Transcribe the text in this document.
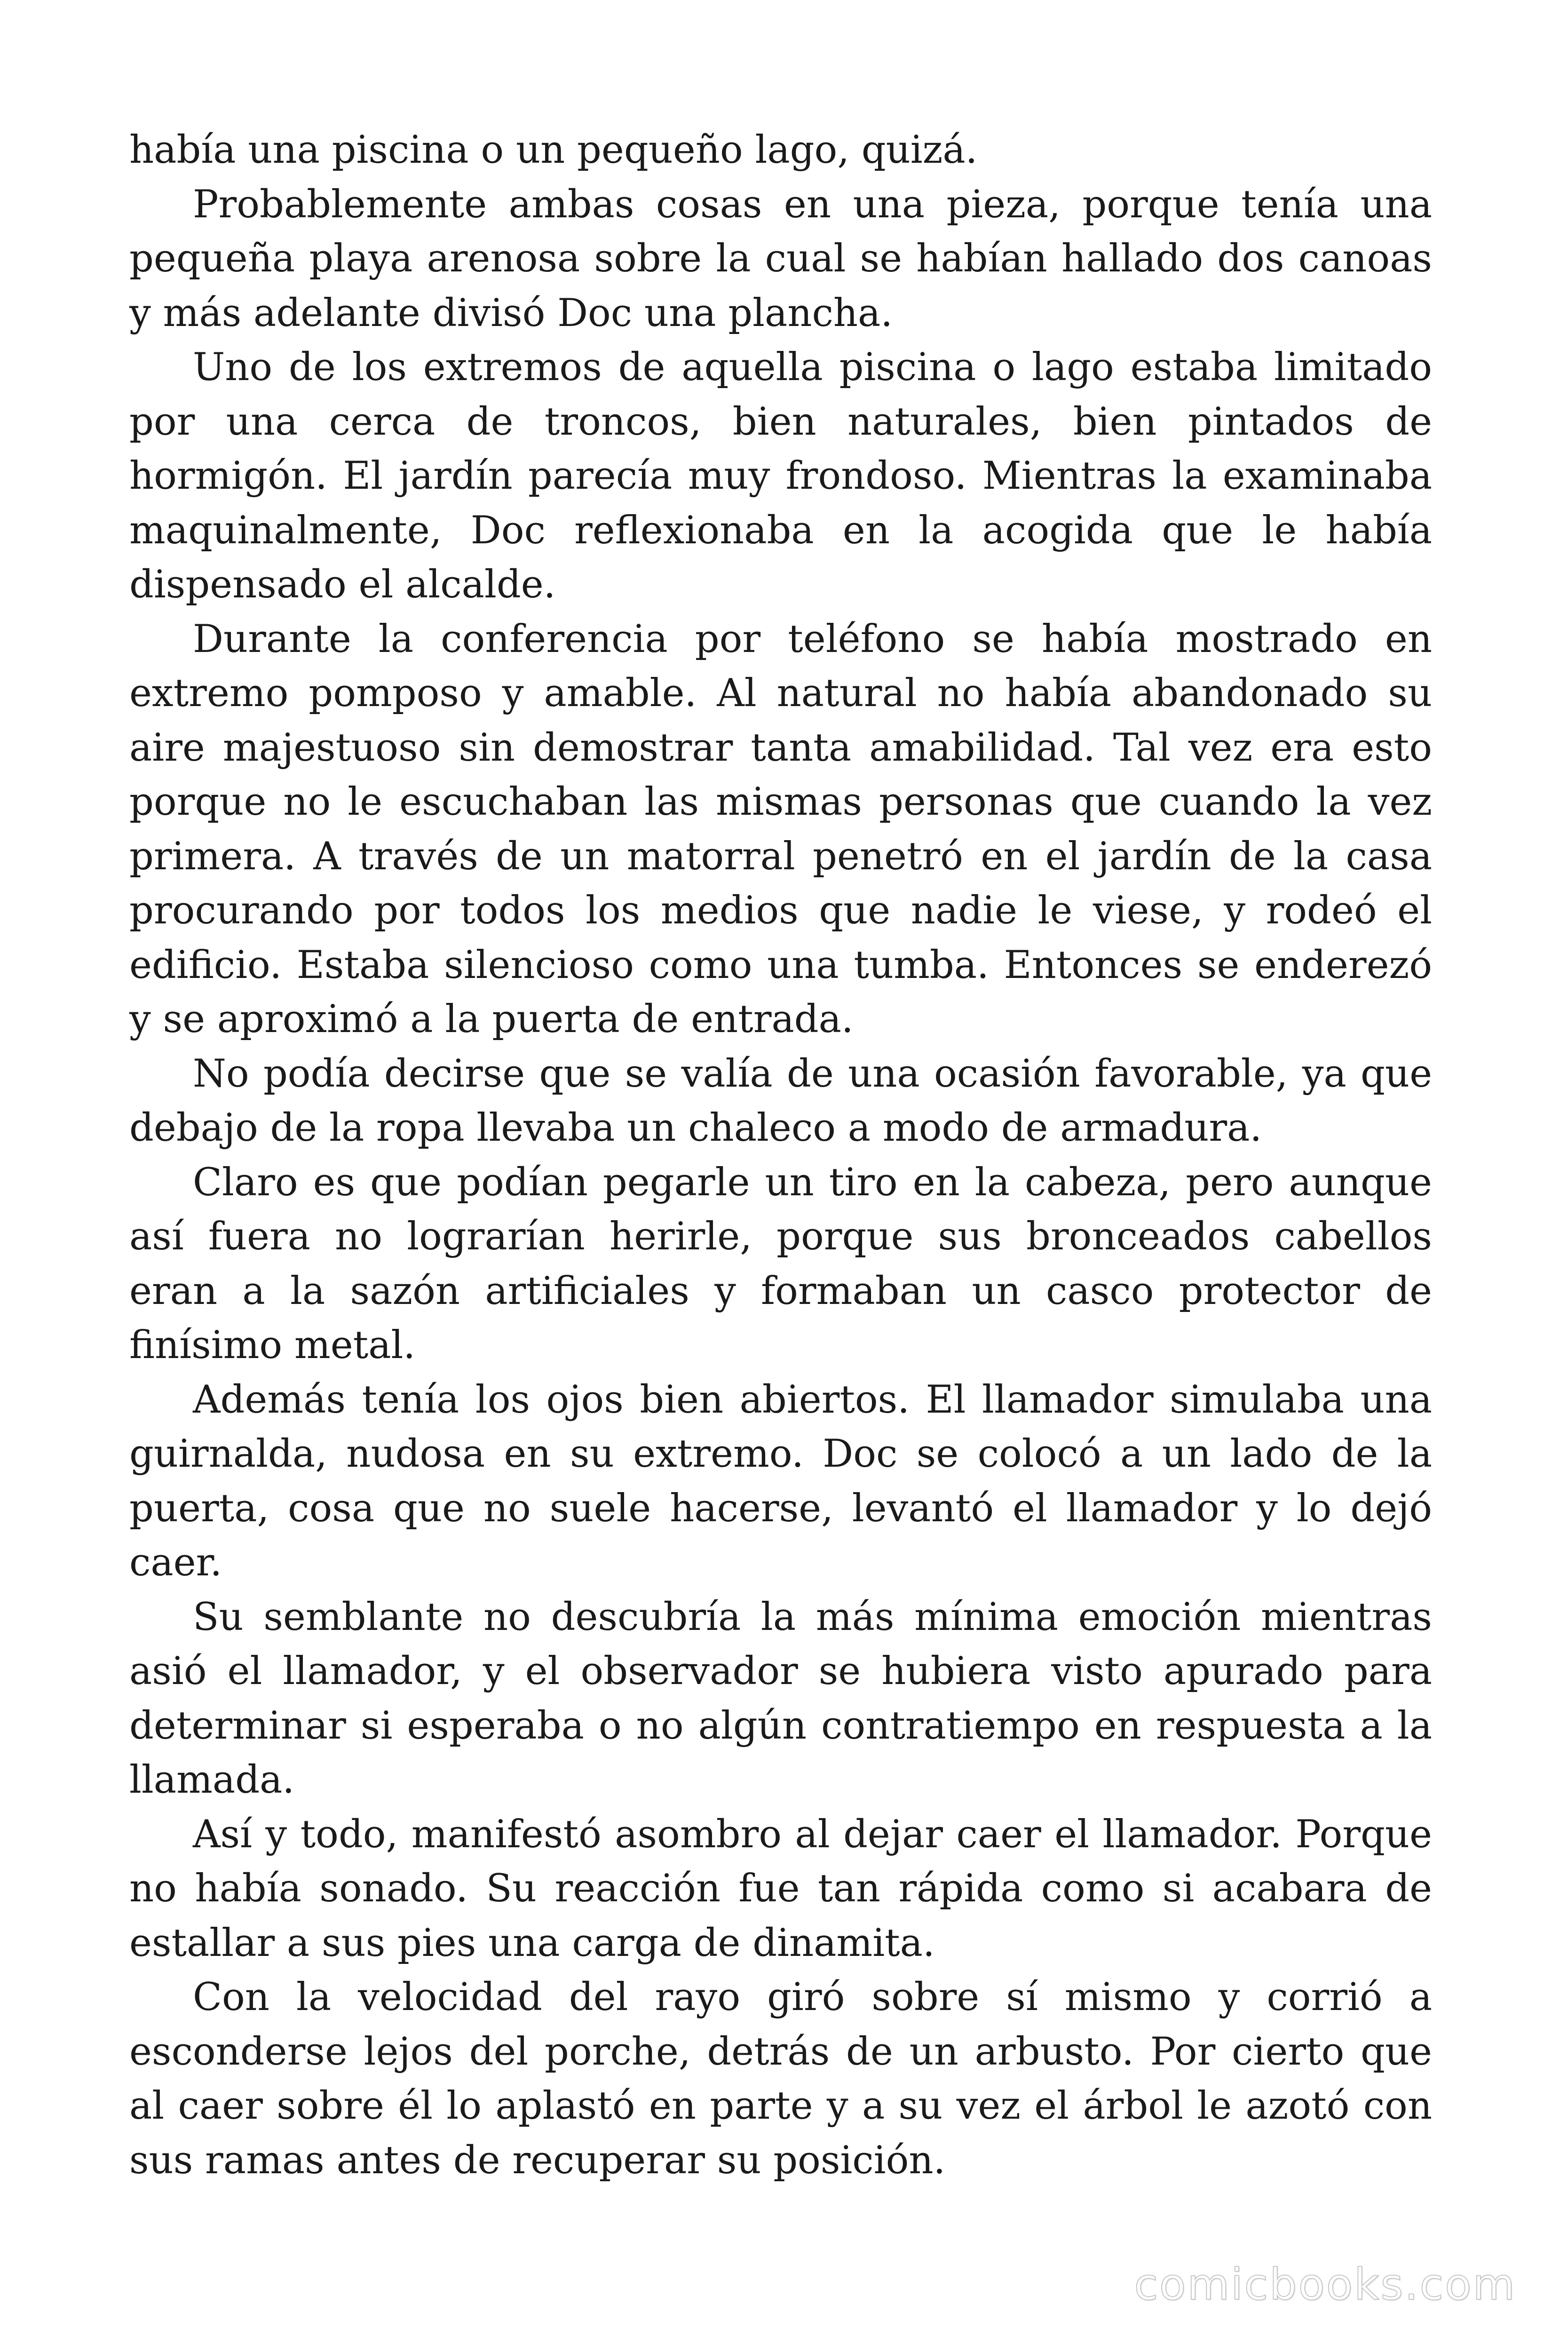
había una piscina o un pequeño lago, quizá.

Probablemente ambas cosas en una pieza, porque tenía una pequeña playa arenosa sobre la cual se habían hallado dos canoas y más adelante divisó Doc una plancha.

Uno de los extremos de aquella piscina o lago estaba limitado por una cerca de troncos, bien naturales, bien pintados de hormigón. El jardín parecía muy frondoso. Mientras la examinaba maquinalmente, Doc reflexionaba en la acogida que le había dispensado el alcalde.

Durante la conferencia por teléfono se había mostrado en extremo pomposo y amable. Al natural no había abandonado su aire majestuoso sin demostrar tanta amabilidad. Tal vez era esto porque no le escuchaban las mismas personas que cuando la vez primera. A través de un matorral penetró en el jardín de la casa procurando por todos los medios que nadie le viese, y rodeó el edificio. Estaba silencioso como una tumba. Entonces se enderezó y se aproximó a la puerta de entrada.

No podía decirse que se valía de una ocasión favorable, ya que debajo de la ropa llevaba un chaleco a modo de armadura.

Claro es que podían pegarle un tiro en la cabeza, pero aunque así fuera no lograrían herirle, porque sus bronceados cabellos eran a la sazón artificiales y formaban un casco protector de finísimo metal.

Además tenía los ojos bien abiertos. El llamador simulaba una guirnalda, nudosa en su extremo. Doc se colocó a un lado de la puerta, cosa que no suele hacerse, levantó el llamador y lo dejó caer.

Su semblante no descubría la más mínima emoción mientras asió el llamador, y el observador se hubiera visto apurado para determinar si esperaba o no algún contratiempo en respuesta a la llamada.

Así y todo, manifestó asombro al dejar caer el llamador. Porque no había sonado. Su reacción fue tan rápida como si acabara de estallar a sus pies una carga de dinamita.

Con la velocidad del rayo giró sobre sí mismo y corrió a esconderse lejos del porche, detrás de un arbusto. Por cierto que al caer sobre él lo aplastó en parte y a su vez el árbol le azotó con sus ramas antes de recuperar su posición.

comicbooks.com
